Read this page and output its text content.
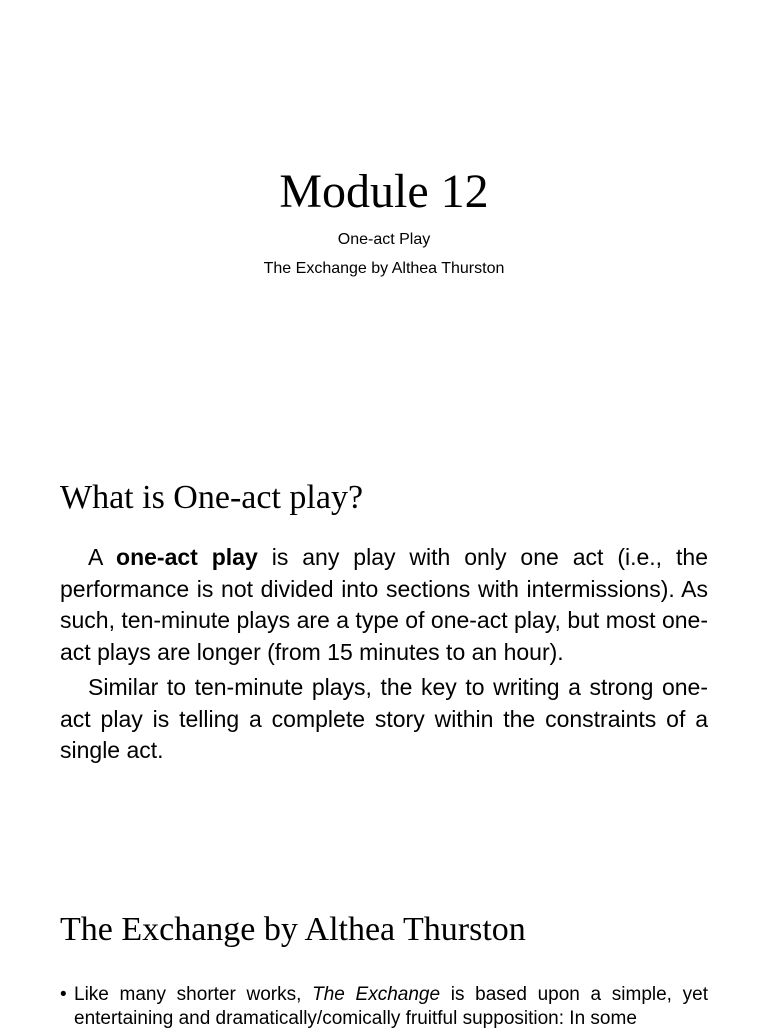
Module 12
One-act Play
The Exchange by Althea Thurston
What is One-act play?

A one-act play is any play with only one act (i.e., the performance is not divided into sections with intermissions). As such, ten-minute plays are a type of one-act play, but most one-act plays are longer (from 15 minutes to an hour).

Similar to ten-minute plays, the key to writing a strong one-act play is telling a complete story within the constraints of a single act.

The Exchange by Althea Thurston
• Like many shorter works, The Exchange is based upon a simple, yet entertaining and dramatically/comically fruitful supposition: In some
